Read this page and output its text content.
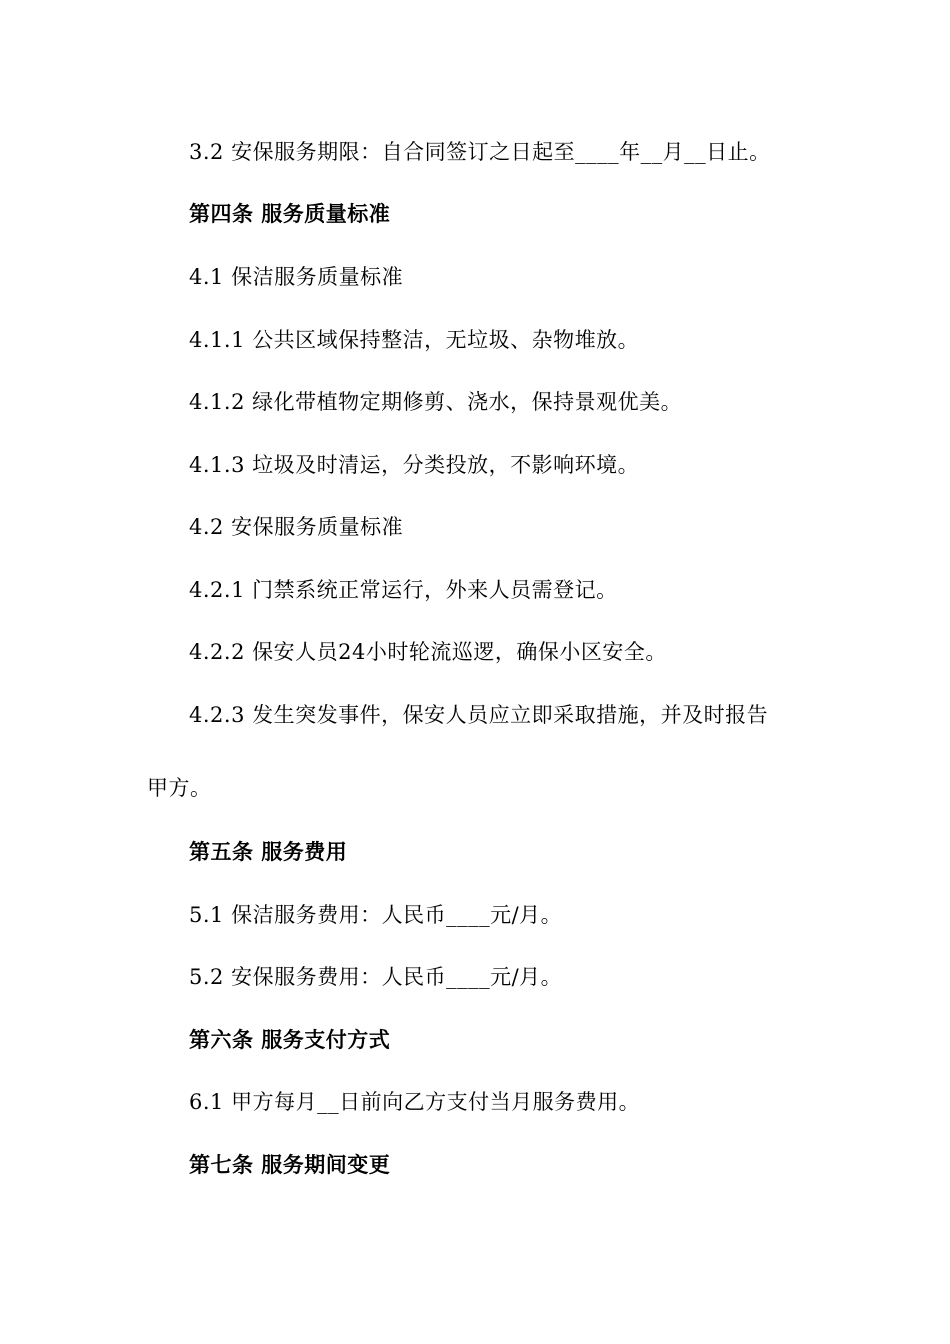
3.2 安保服务期限：自合同签订之日起至____年__月__日止。
第四条 服务质量标准
4.1 保洁服务质量标准
4.1.1 公共区域保持整洁，无垃圾、杂物堆放。
4.1.2 绿化带植物定期修剪、浇水，保持景观优美。
4.1.3 垃圾及时清运，分类投放，不影响环境。
4.2 安保服务质量标准
4.2.1 门禁系统正常运行，外来人员需登记。
4.2.2 保安人员24小时轮流巡逻，确保小区安全。
4.2.3 发生突发事件，保安人员应立即采取措施，并及时报告
甲方。
第五条 服务费用
5.1 保洁服务费用：人民币____元/月。
5.2 安保服务费用：人民币____元/月。
第六条 服务支付方式
6.1 甲方每月__日前向乙方支付当月服务费用。
第七条 服务期间变更
